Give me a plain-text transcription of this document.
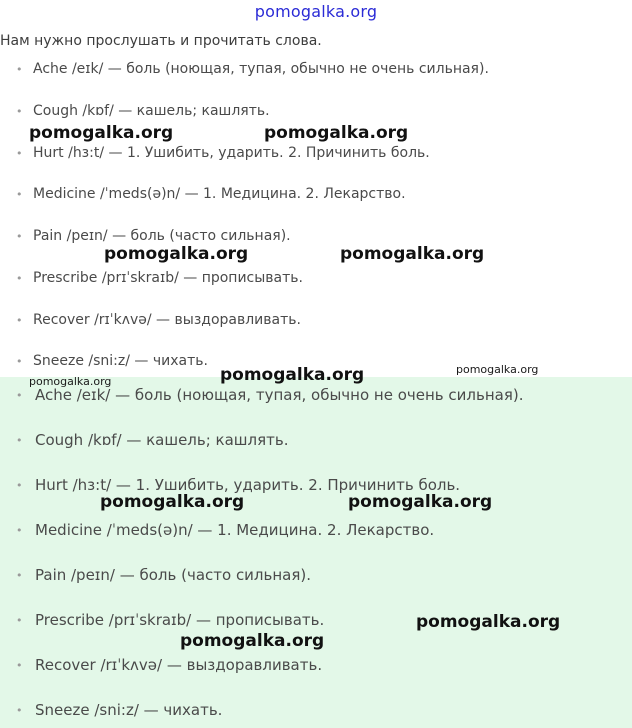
pomogalka.org
Нам нужно прослушать и прочитать слова.
• Ache /eɪk/ — боль (ноющая, тупая, обычно не очень сильная).
• Cough /kɒf/ — кашель; кашлять.
• Hurt /hɜ:t/ — 1. Ушибить, ударить. 2. Причинить боль.
• Medicine /ˈmeds(ə)n/ — 1. Медицина. 2. Лекарство.
• Pain /peɪn/ — боль (часто сильная).
• Prescribe /prɪˈskraɪb/ — прописывать.
• Recover /rɪˈkʌvə/ — выздоравливать.
• Sneeze /sni:z/ — чихать.
• Ache /eɪk/ — боль (ноющая, тупая, обычно не очень сильная).
• Cough /kɒf/ — кашель; кашлять.
• Hurt /hɜ:t/ — 1. Ушибить, ударить. 2. Причинить боль.
• Medicine /ˈmeds(ə)n/ — 1. Медицина. 2. Лекарство.
• Pain /peɪn/ — боль (часто сильная).
• Prescribe /prɪˈskraɪb/ — прописывать.
• Recover /rɪˈkʌvə/ — выздоравливать.
• Sneeze /sni:z/ — чихать.
pomogalka.org	pomogalka.org
pomogalka.org	pomogalka.org
pomogalka.org
pomogalka.org
pomogalka.org
pomogalka.org	pomogalka.org
pomogalka.org
pomogalka.org
